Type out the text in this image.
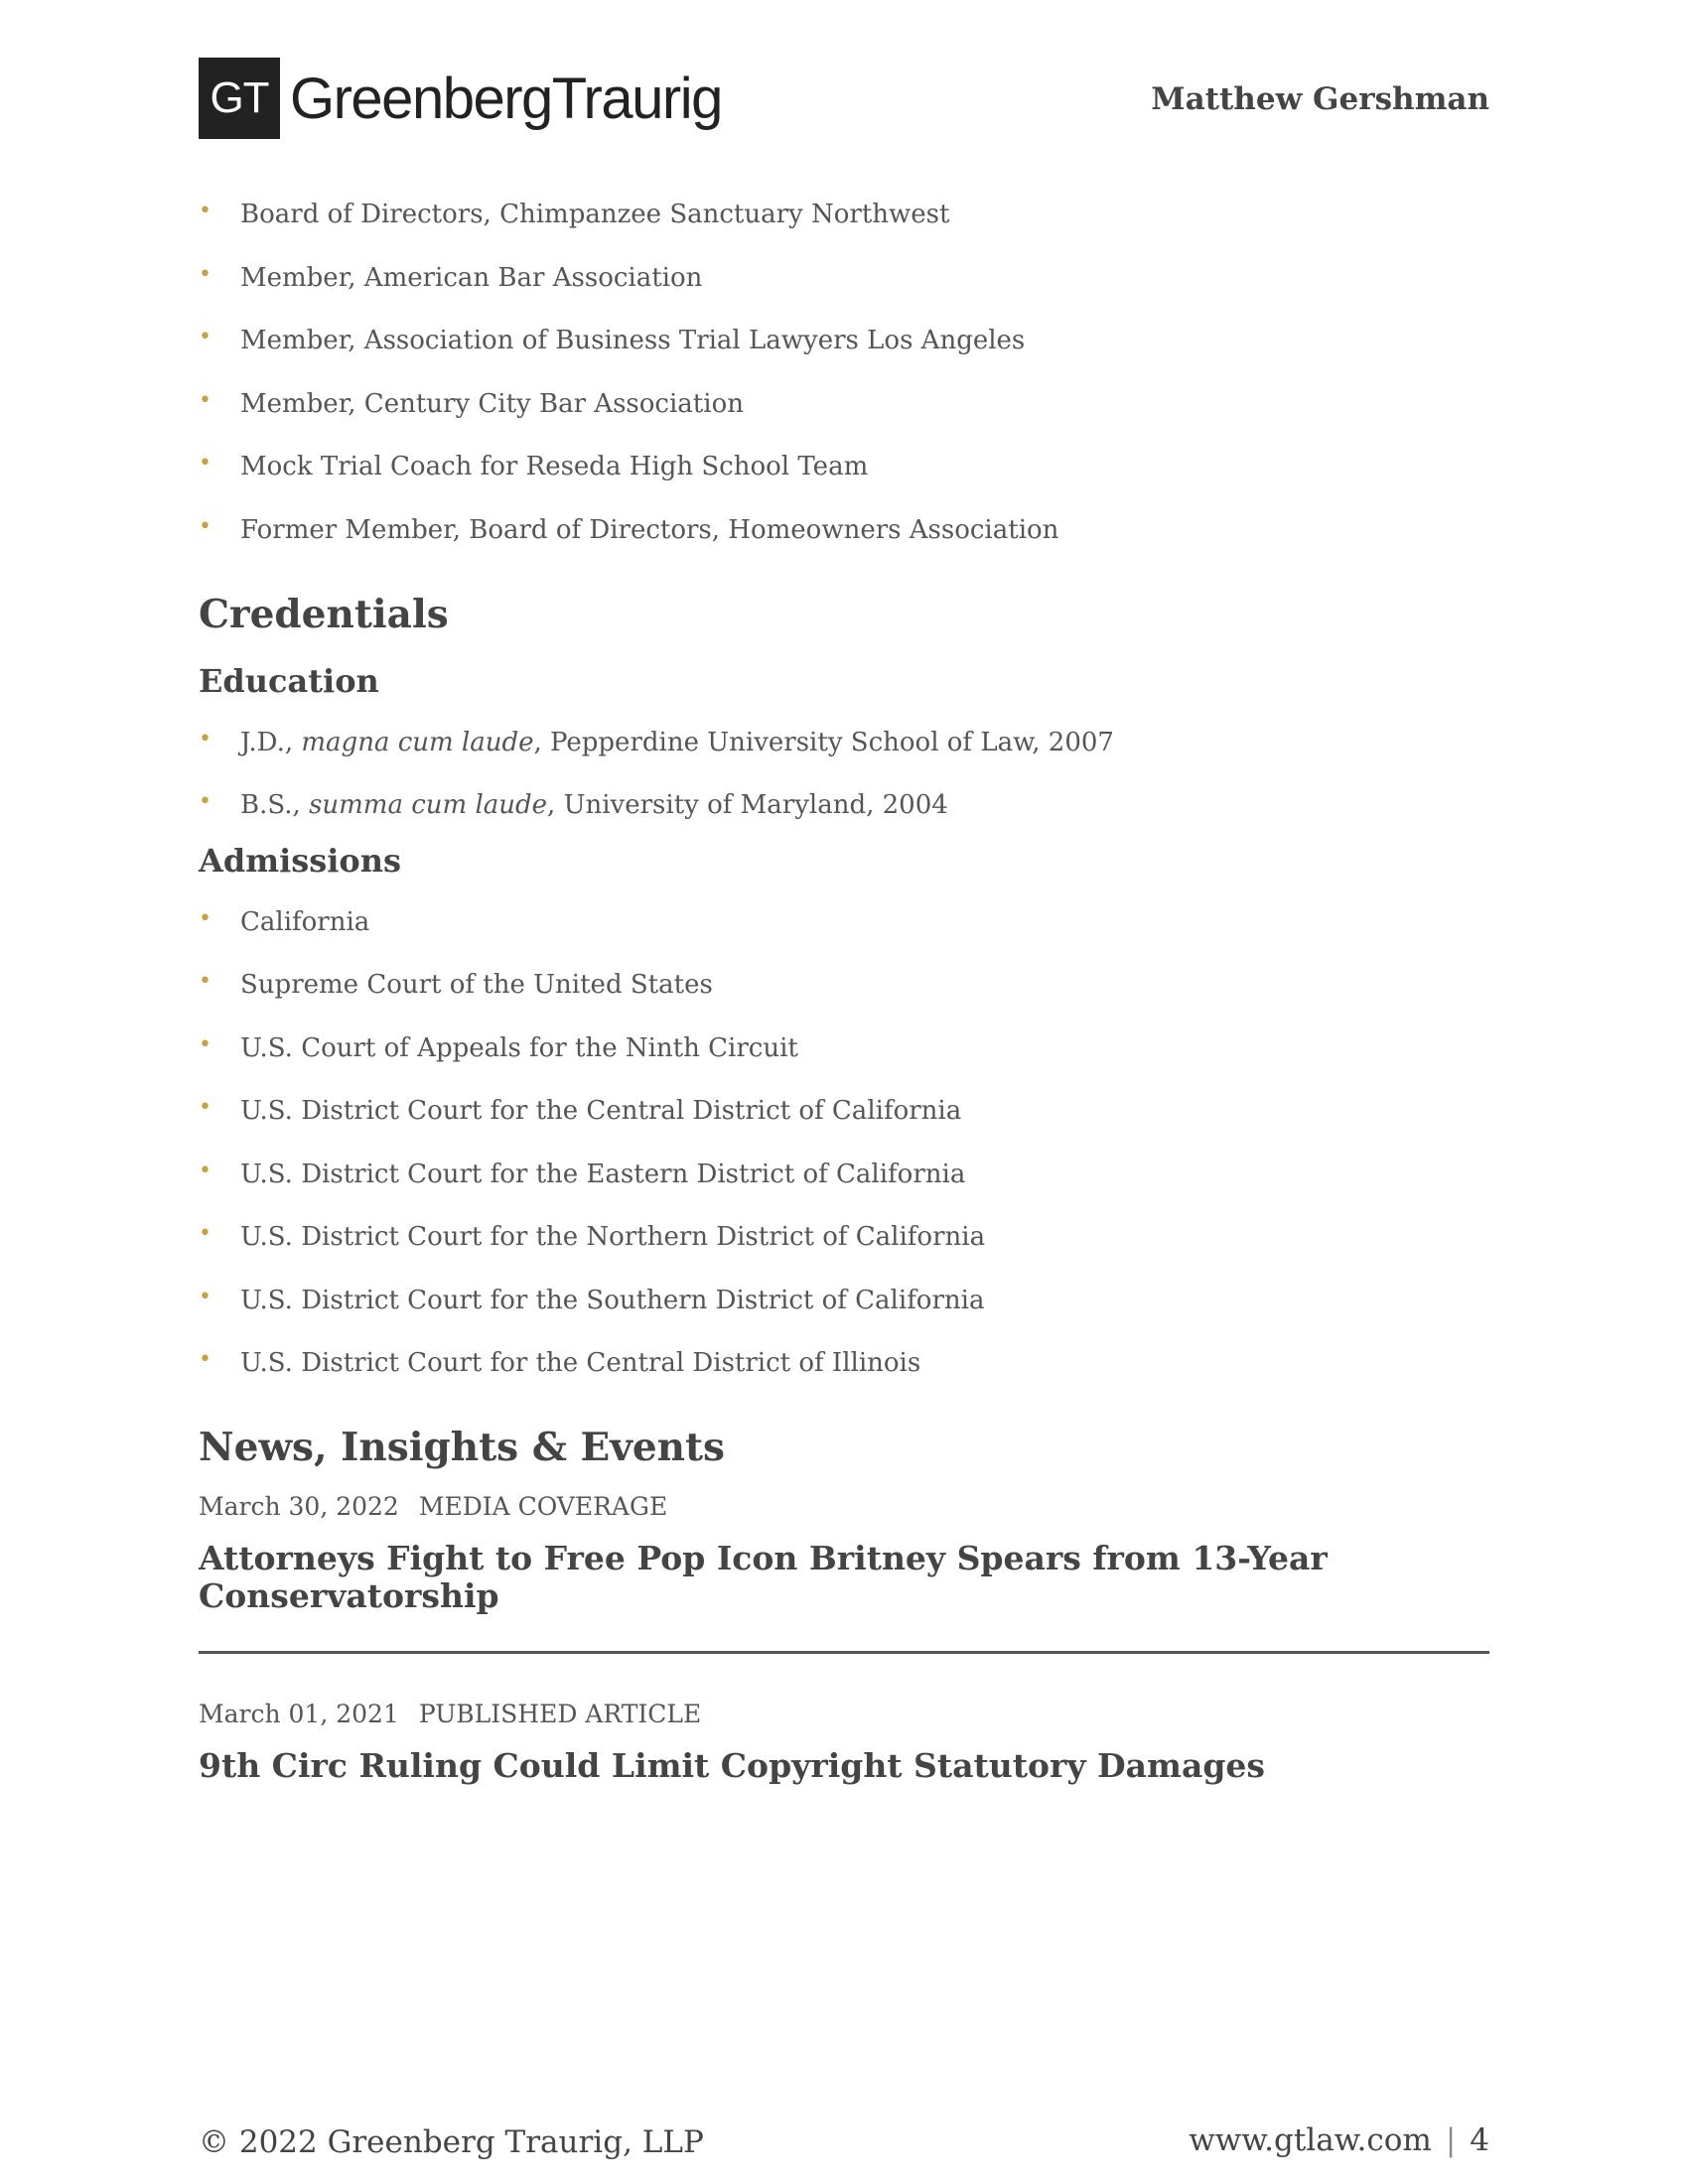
GT GreenbergTraurig	Matthew Gershman
• Board of Directors, Chimpanzee Sanctuary Northwest
• Member, American Bar Association
• Member, Association of Business Trial Lawyers Los Angeles
• Member, Century City Bar Association
• Mock Trial Coach for Reseda High School Team
• Former Member, Board of Directors, Homeowners Association
Credentials
Education
• J.D., magna cum laude, Pepperdine University School of Law, 2007
• B.S., summa cum laude, University of Maryland, 2004
Admissions
• California
• Supreme Court of the United States
• U.S. Court of Appeals for the Ninth Circuit
• U.S. District Court for the Central District of California
• U.S. District Court for the Eastern District of California
• U.S. District Court for the Northern District of California
• U.S. District Court for the Southern District of California
• U.S. District Court for the Central District of Illinois
News, Insights & Events
March 30, 2022 MEDIA COVERAGE
Attorneys Fight to Free Pop Icon Britney Spears from 13-Year
Conservatorship
March 01, 2021 PUBLISHED ARTICLE
9th Circ Ruling Could Limit Copyright Statutory Damages
© 2022 Greenberg Traurig, LLP	www.gtlaw.com | 4
